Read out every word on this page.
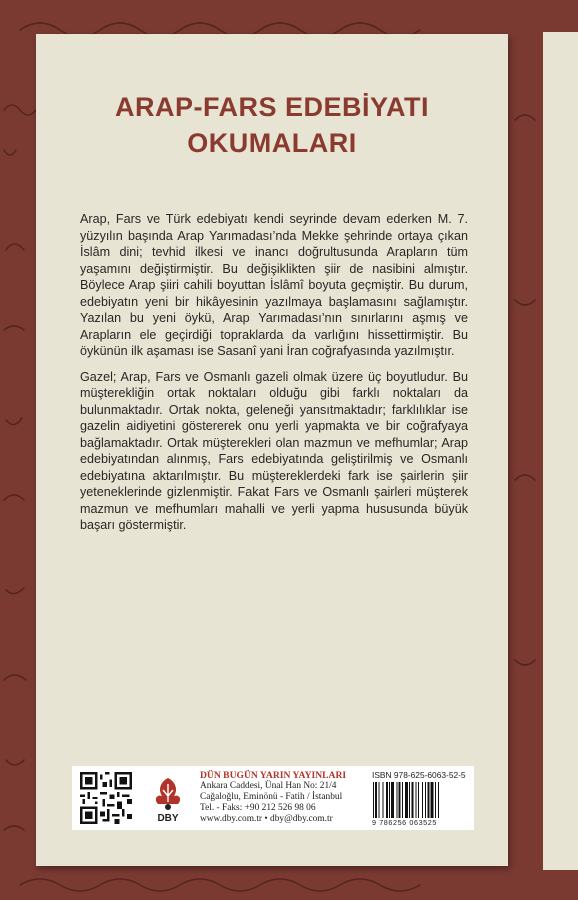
ARAP-FARS EDEBİYATI
OKUMALARI

Arap, Fars ve Türk edebiyatı kendi seyrinde devam ederken M. 7. yüzyılın başında Arap Yarımadası’nda Mekke şehrinde ortaya çıkan İslâm dini; tevhid ilkesi ve inancı doğrultusunda Arapların tüm yaşamını değiştirmiştir. Bu değişiklikten şiir de nasibini almıştır. Böylece Arap şiiri cahili boyuttan İslâmî boyuta geçmiştir. Bu durum, edebiyatın yeni bir hikâyesinin yazılmaya başlamasını sağlamıştır. Yazılan bu yeni öykü, Arap Yarımadası’nın sınırlarını aşmış ve Arapların ele geçirdiği topraklarda da varlığını hissettirmiştir. Bu öykünün ilk aşaması ise Sasanî yani İran coğrafyasında yazılmıştır.

Gazel; Arap, Fars ve Osmanlı gazeli olmak üzere üç boyutludur. Bu müşterekliğin ortak noktaları olduğu gibi farklı noktaları da bulunmaktadır. Ortak nokta, geleneği yansıtmaktadır; farklılıklar ise gazelin aidiyetini göstererek onu yerli yapmakta ve bir coğrafyaya bağlamaktadır. Ortak müşterekleri olan mazmun ve mefhumlar; Arap edebiyatından alınmış, Fars edebiyatında geliştirilmiş ve Osmanlı edebiyatına aktarılmıştır. Bu müştereklerdeki fark ise şairlerin şiir yeteneklerinde gizlenmiştir. Fakat Fars ve Osmanlı şairleri müşterek mazmun ve mefhumları mahalli ve yerli yapma hususunda büyük başarı göstermiştir.

DBY
DÜN BUGÜN YARIN YAYINLARI
Ankara Caddesi, Ünal Han No: 21/4
Cağaloğlu, Eminönü - Fatih / İstanbul
Tel. - Faks: +90 212 526 98 06
www.dby.com.tr • dby@dby.com.tr
ISBN 978-625-6063-52-5
9 786256 063525
